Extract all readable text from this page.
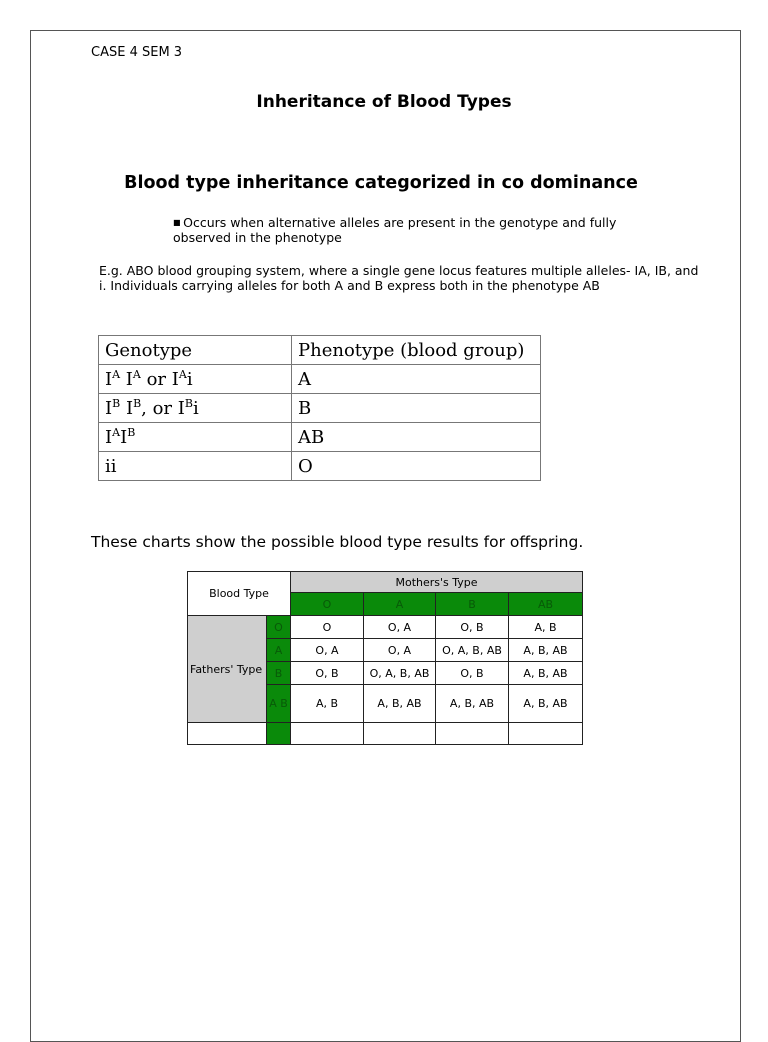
CASE 4 SEM 3
Inheritance of Blood Types
Blood type inheritance categorized in co dominance
■ Occurs when alternative alleles are present in the genotype and fully observed in the phenotype
E.g. ABO blood grouping system, where a single gene locus features multiple alleles- IA, IB, and i. Individuals carrying alleles for both A and B express both in the phenotype AB
Genotype	Phenotype (blood group)
$I^A$ $I^A$ or $I^Ai$	A
$I^B$ $I^B$, or $I^Bi$	B
$I^AI^B$	AB
ii	O
These charts show the possible blood type results for offspring.
Blood Type		Mothers's Type			
		O	A	B	AB
Fathers' Type	O	O	O, A	O, B	A, B
	A	O, A	O, A	O, A, B, AB	A, B, AB
	B	O, B	O, A, B, AB	O, B	A, B, AB
	A B	A, B	A, B, AB	A, B, AB	A, B, AB
